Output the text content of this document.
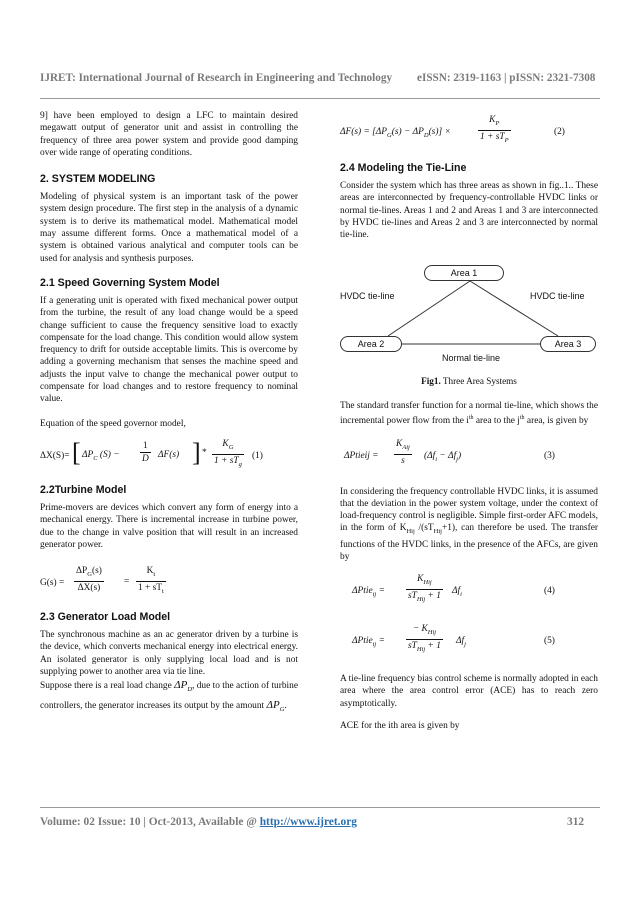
IJRET: International Journal of Research in Engineering and Technology eISSN: 2319-1163 | pISSN: 2321-7308

9] have been employed to design a LFC to maintain desired megawatt output of generator unit and assist in controlling the frequency of three area power system and provide good damping over wide range of operating conditions.

2. SYSTEM MODELING

Modeling of physical system is an important task of the power system design procedure. The first step in the analysis of a dynamic system is to derive its mathematical model. Mathematical model may assume different forms. Once a mathematical model of a system is obtained various analytical and computer tools can be used for analysis and synthesis purposes.

2.1 Speed Governing System Model

If a generating unit is operated with fixed mechanical power output from the turbine, the result of any load change would be a speed change sufficient to cause the frequency sensitive load to exactly compensate for the load change. This condition would allow system frequency to drift for outside acceptable limits. This is overcome by adding a governing mechanism that senses the machine speed and adjusts the input valve to change the mechanical power output to compensate for load changes and to restore frequency to nominal value.

Equation of the speed governor model,

ΔX(S)= [ $\Delta P_C$ $(S) - \frac{1}{D} \Delta F(s)$ ] *
$K_G$
$1 + sT_g$
(1)
2.2Turbine Model

Prime-movers are devices which convert any form of energy into a mechanical energy. There is incremental increase in turbine power, due to the change in valve position that will result in an increased generator power.

G(s) =
$\Delta P_G(s)$
ΔX(s)
=
$K_t$
$1 + sT_t$
2.3 Generator Load Model

The synchronous machine as an ac generator driven by a turbine is the device, which converts mechanical energy into electrical energy. An isolated generator is only supplying local load and is not supplying power to another area via tie line.

Suppose there is a real load change $\Delta P_D$, due to the action of turbine controllers, the generator increases its output by the amount $\Delta P_G$.

$\Delta F(s) = [\Delta P_G(s) - \Delta P_D(s)]$ ×
$K_P$
$1 + sT_P$
(2)
2.4 Modeling the Tie-Line

Consider the system which has three areas as shown in fig..1.. These areas are interconnected by frequency-controllable HVDC links or normal tie-lines. Areas 1 and 2 and Areas 1 and 3 are interconnected by HVDC tie-lines and Areas 2 and 3 are interconnected by normal tie-line.

Area 1
Area 2	Area 3
HVDC tie-line	HVDC tie-line
Normal tie-line

Fig1. Three Area Systems

The standard transfer function for a normal tie-line, which shows the incremental power flow from the $i^{th}$ area to the $j^{th}$ area, is given by

ΔPtieij =
$K_{Aij}$
s
$(\Delta f_i - \Delta f_j)$	(3)

In considering the frequency controllable HVDC links, it is assumed that the deviation in the power system voltage, under the context of load-frequency control is negligible. Simple first-order AFC models, in the form of $K_{Hij}$ $/(sT_{Hij}+1)$, can therefore be used. The transfer functions of the HVDC links, in the presence of the AFCs, are given by

ΔPtie$_{ij}$ =
$K_{Hij}$
$sT_{Hij} + 1$
$\Delta f_i$	(4)
ΔPtie$_{ij}$ =
− $K_{Hij}$
$sT_{Hij} + 1$
$\Delta f_j$	(5)

A tie-line frequency bias control scheme is normally adopted in each area where the area control error (ACE) has to reach zero asymptotically.

ACE for the ith area is given by

Volume: 02 Issue: 10 | Oct-2013, Available @ http://www.ijret.org	312
